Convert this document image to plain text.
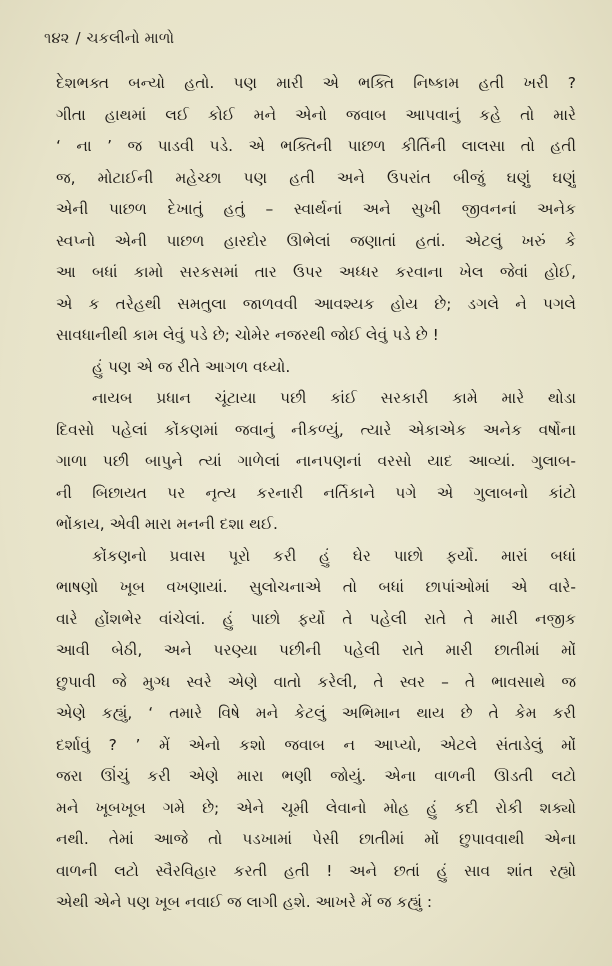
૧૪૨ / ચકલીનો માળો

દેશભક્ત બન્યો હતો. પણ મારી એ ભક્તિ નિષ્કામ હતી ખરી ?
ગીતા હાથમાં લઈ કોઈ મને એનો જવાબ આપવાનું કહે તો મારે
‘ ના ’ જ પાડવી પડે. એ ભક્તિની પાછળ કીર્તિની લાલસા તો હતી
જ, મોટાઈની મહેચ્છા પણ હતી અને ઉપરાંત બીજું ઘણું ઘણું
એની પાછળ દેખાતું હતું – સ્વાર્થનાં અને સુખી જીવનનાં અનેક
સ્વપ્નો એની પાછળ હારદોર ઊભેલાં જણાતાં હતાં. એટલું ખરું કે
આ બધાં કામો સરકસમાં તાર ઉપર અધ્ધર કરવાના ખેલ જેવાં હોઈ,
એ ક તરેહથી સમતુલા જાળવવી આવશ્યક હોય છે; ડગલે ને પગલે
સાવધાનીથી કામ લેવું પડે છે; ચોમેર નજરથી જોઈ લેવું પડે છે !

હું પણ એ જ રીતે આગળ વધ્યો.

નાયબ પ્રધાન ચૂંટાયા પછી કાંઈ સરકારી કામે મારે થોડા
દિવસો પહેલાં કોંકણમાં જવાનું નીકળ્યું, ત્યારે એકાએક અનેક વર્ષોના
ગાળા પછી બાપુને ત્યાં ગાળેલાં નાનપણનાં વરસો યાદ આવ્યાં. ગુલાબ-
ની બિછાયત પર નૃત્ય કરનારી નર્તિકાને પગે એ ગુલાબનો કાંટો
ભોંકાય, એવી મારા મનની દશા થઈ.

કોંકણનો પ્રવાસ પૂરો કરી હું ઘેર પાછો ફર્યો. મારાં બધાં
ભાષણો ખૂબ વખણાયાં. સુલોચનાએ તો બધાં છાપાંઓમાં એ વારે-
વારે હોંશભેર વાંચેલાં. હું પાછો ફર્યો તે પહેલી રાતે તે મારી નજીક
આવી બેઠી, અને પરણ્યા પછીની પહેલી રાતે મારી છાતીમાં મોં
છુપાવી જે મુગ્ધ સ્વરે એણે વાતો કરેલી, તે સ્વર – તે ભાવસાથે જ
એણે કહ્યું, ‘ તમારે વિષે મને કેટલું અભિમાન થાય છે તે કેમ કરી
દર્શાવું ? ’ મેં એનો કશો જવાબ ન આપ્યો, એટલે સંતાડેલું મોં
જરા ઊંચું કરી એણે મારા ભણી જોયું. એના વાળની ઊડતી લટો
મને ખૂબખૂબ ગમે છે; એને ચૂમી લેવાનો મોહ હું કદી રોકી શક્યો
નથી. તેમાં આજે તો પડખામાં પેસી છાતીમાં મોં છુપાવવાથી એના
વાળની લટો સ્વૈરવિહાર કરતી હતી ! અને છતાં હું સાવ શાંત રહ્યો
એથી એને પણ ખૂબ નવાઈ જ લાગી હશે. આખરે મેં જ કહ્યું :
